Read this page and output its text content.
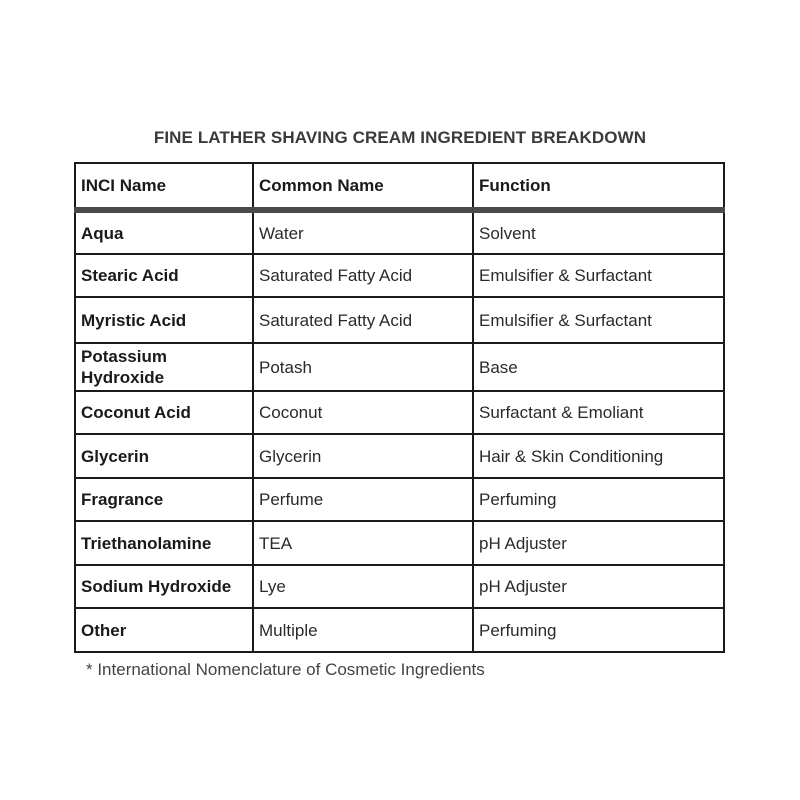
FINE LATHER SHAVING CREAM INGREDIENT BREAKDOWN
INCI Name	Common Name	Function
Aqua	Water	Solvent
Stearic Acid	Saturated Fatty Acid	Emulsifier & Surfactant
Myristic Acid	Saturated Fatty Acid	Emulsifier & Surfactant
Potassium Hydroxide	Potash	Base
Coconut Acid	Coconut	Surfactant & Emoliant
Glycerin	Glycerin	Hair & Skin Conditioning
Fragrance	Perfume	Perfuming
Triethanolamine	TEA	pH Adjuster
Sodium Hydroxide	Lye	pH Adjuster
Other	Multiple	Perfuming
* International Nomenclature of Cosmetic Ingredients
